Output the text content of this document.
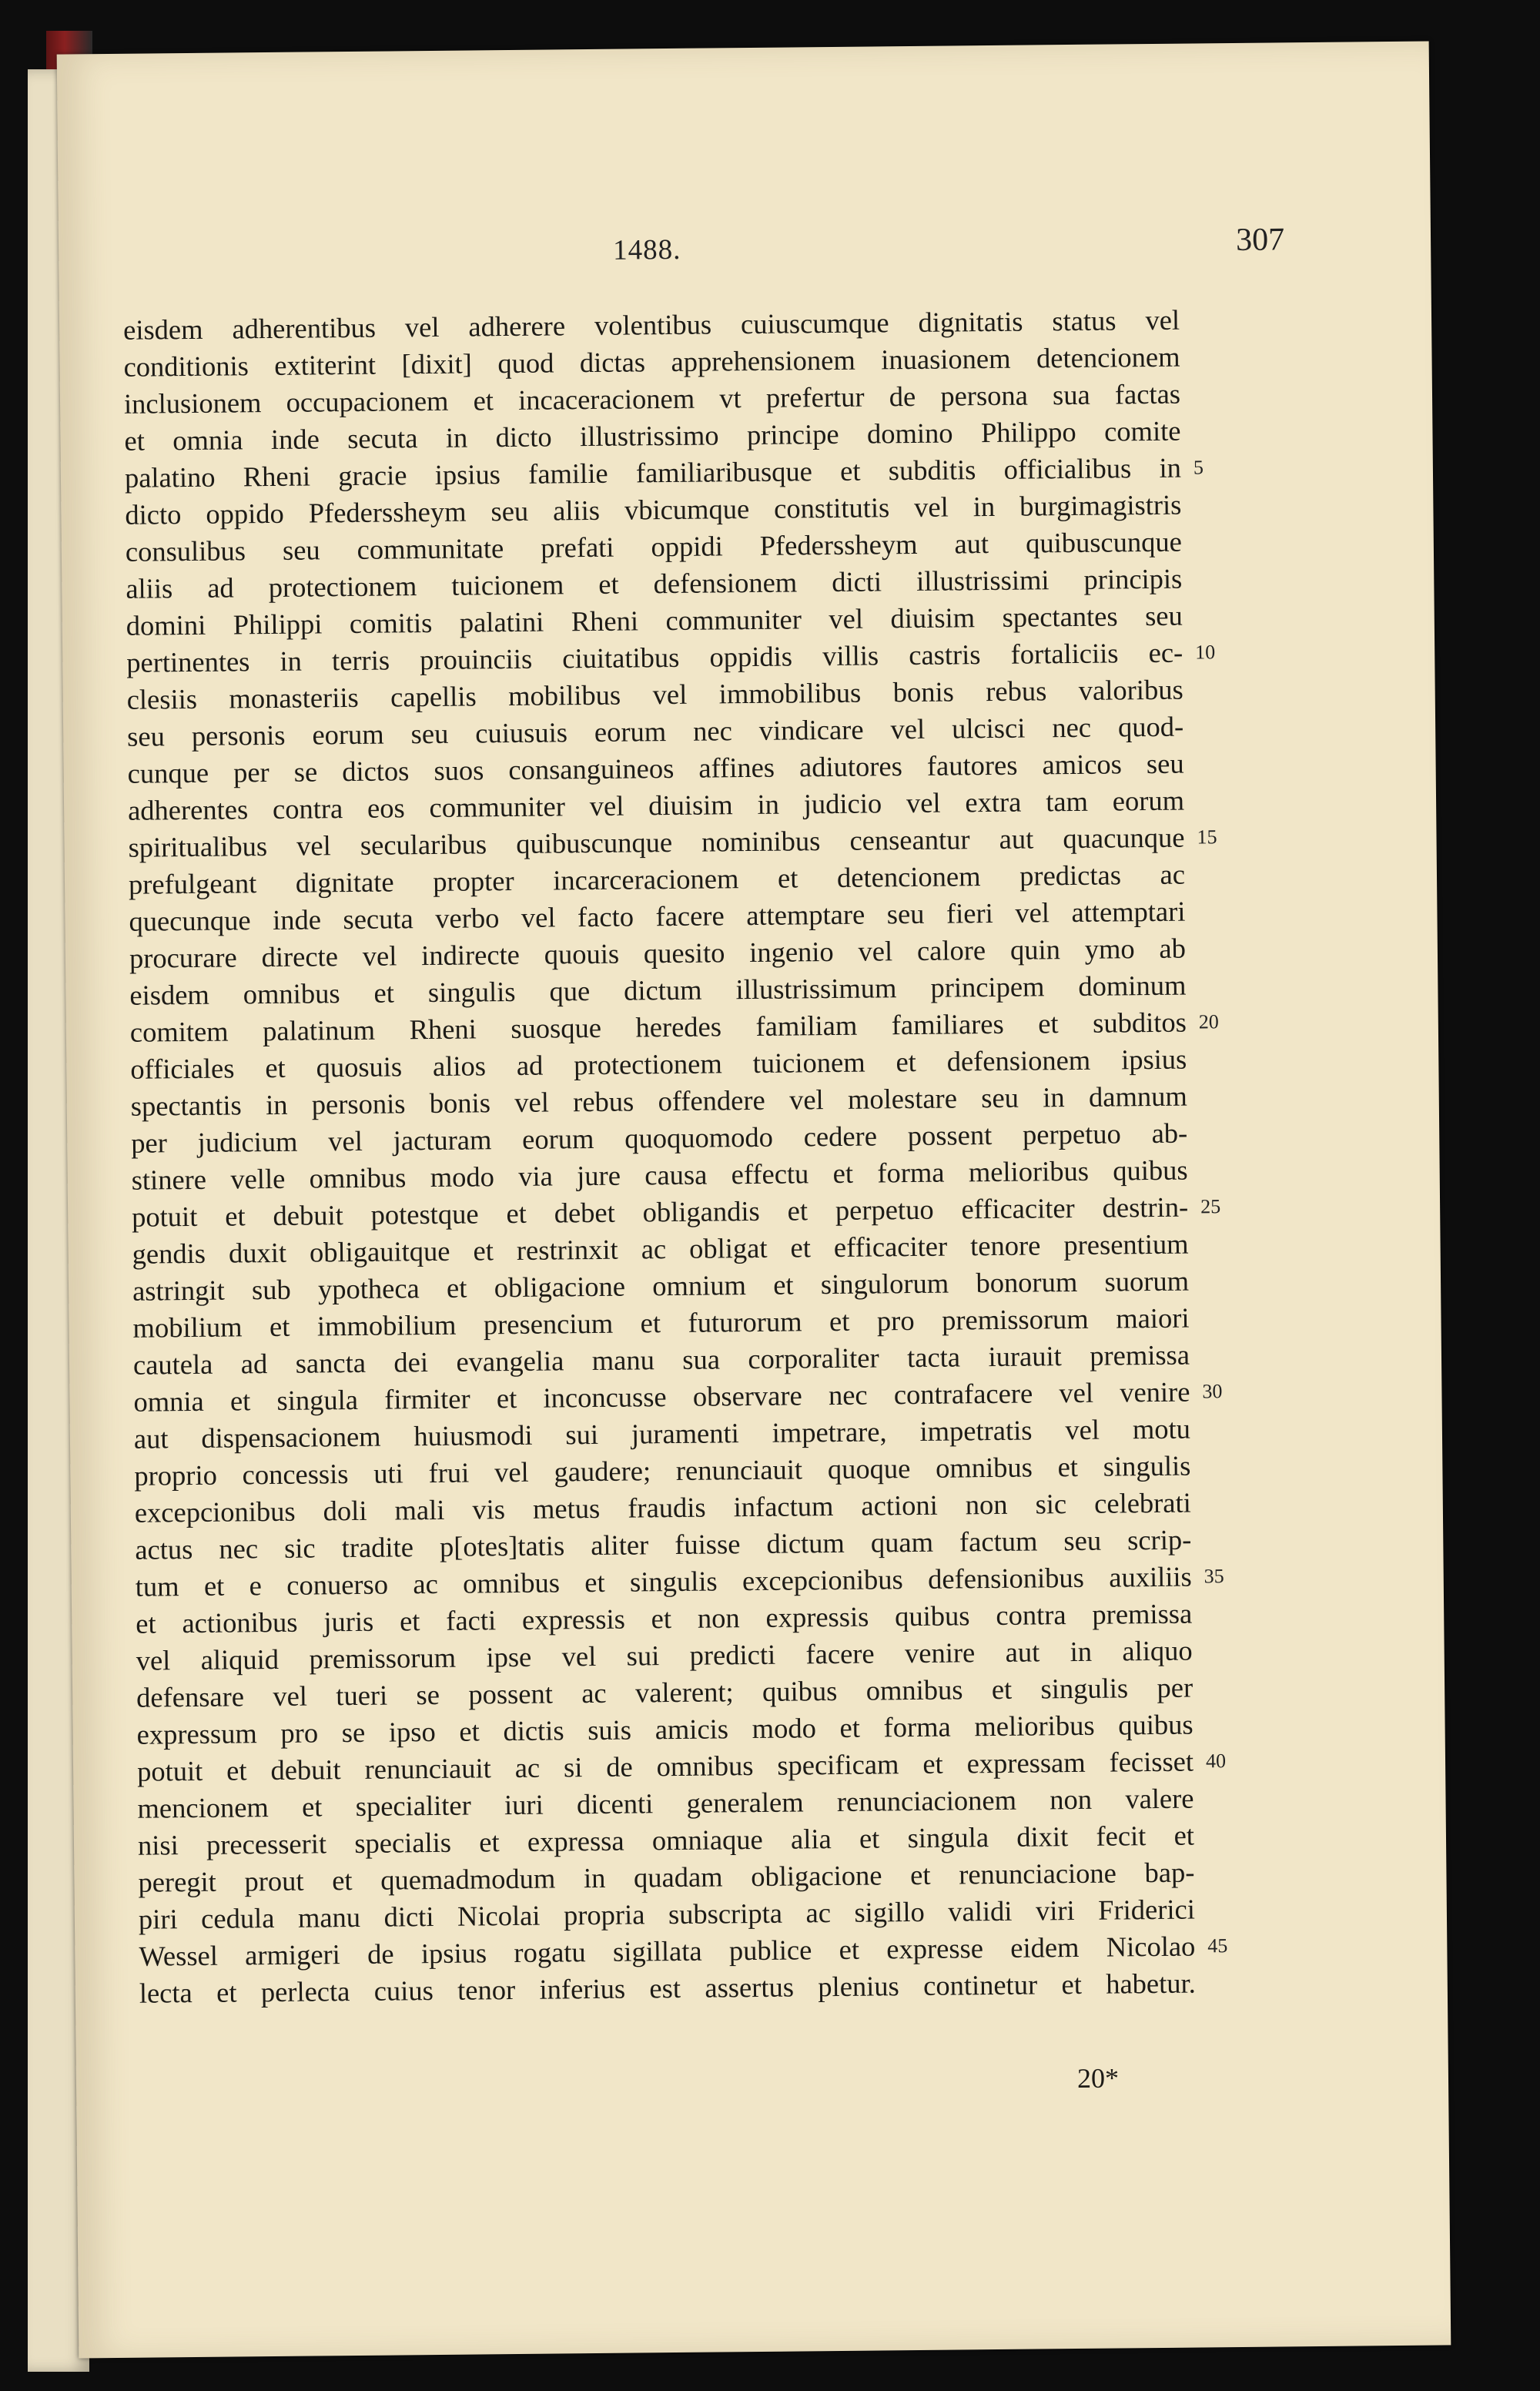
1488.	307
eisdem adherentibus vel adherere volentibus cuiuscumque dignitatis status vel
conditionis extiterint [dixit] quod dictas apprehensionem inuasionem detencionem
inclusionem occupacionem et incaceracionem vt prefertur de persona sua factas
et omnia inde secuta in dicto illustrissimo principe domino Philippo comite
palatino Rheni gracie ipsius familie familiaribusque et subditis officialibus in 5
dicto oppido Pfederssheym seu aliis vbicumque constitutis vel in burgimagistris
consulibus seu communitate prefati oppidi Pfederssheym aut quibuscunque
aliis ad protectionem tuicionem et defensionem dicti illustrissimi principis
domini Philippi comitis palatini Rheni communiter vel diuisim spectantes seu
pertinentes in terris prouinciis ciuitatibus oppidis villis castris fortaliciis ec- 10
clesiis monasteriis capellis mobilibus vel immobilibus bonis rebus valoribus
seu personis eorum seu cuiusuis eorum nec vindicare vel ulcisci nec quod-
cunque per se dictos suos consanguineos affines adiutores fautores amicos seu
adherentes contra eos communiter vel diuisim in judicio vel extra tam eorum
spiritualibus vel secularibus quibuscunque nominibus censeantur aut quacunque 15
prefulgeant dignitate propter incarceracionem et detencionem predictas ac
quecunque inde secuta verbo vel facto facere attemptare seu fieri vel attemptari
procurare directe vel indirecte quouis quesito ingenio vel calore quin ymo ab
eisdem omnibus et singulis que dictum illustrissimum principem dominum
comitem palatinum Rheni suosque heredes familiam familiares et subditos 20
officiales et quosuis alios ad protectionem tuicionem et defensionem ipsius
spectantis in personis bonis vel rebus offendere vel molestare seu in damnum
per judicium vel jacturam eorum quoquomodo cedere possent perpetuo ab-
stinere velle omnibus modo via jure causa effectu et forma melioribus quibus
potuit et debuit potestque et debet obligandis et perpetuo efficaciter destrin- 25
gendis duxit obligauitque et restrinxit ac obligat et efficaciter tenore presentium
astringit sub ypotheca et obligacione omnium et singulorum bonorum suorum
mobilium et immobilium presencium et futurorum et pro premissorum maiori
cautela ad sancta dei evangelia manu sua corporaliter tacta iurauit premissa
omnia et singula firmiter et inconcusse observare nec contrafacere vel venire 30
aut dispensacionem huiusmodi sui juramenti impetrare, impetratis vel motu
proprio concessis uti frui vel gaudere; renunciauit quoque omnibus et singulis
excepcionibus doli mali vis metus fraudis infactum actioni non sic celebrati
actus nec sic tradite p[otes]tatis aliter fuisse dictum quam factum seu scrip-
tum et e conuerso ac omnibus et singulis excepcionibus defensionibus auxiliis 35
et actionibus juris et facti expressis et non expressis quibus contra premissa
vel aliquid premissorum ipse vel sui predicti facere venire aut in aliquo
defensare vel tueri se possent ac valerent; quibus omnibus et singulis per
expressum pro se ipso et dictis suis amicis modo et forma melioribus quibus
potuit et debuit renunciauit ac si de omnibus specificam et expressam fecisset 40
mencionem et specialiter iuri dicenti generalem renunciacionem non valere
nisi precesserit specialis et expressa omniaque alia et singula dixit fecit et
peregit prout et quemadmodum in quadam obligacione et renunciacione bap-
piri cedula manu dicti Nicolai propria subscripta ac sigillo validi viri Friderici
Wessel armigeri de ipsius rogatu sigillata publice et expresse eidem Nicolao 45
lecta et perlecta cuius tenor inferius est assertus plenius continetur et habetur.
20*
